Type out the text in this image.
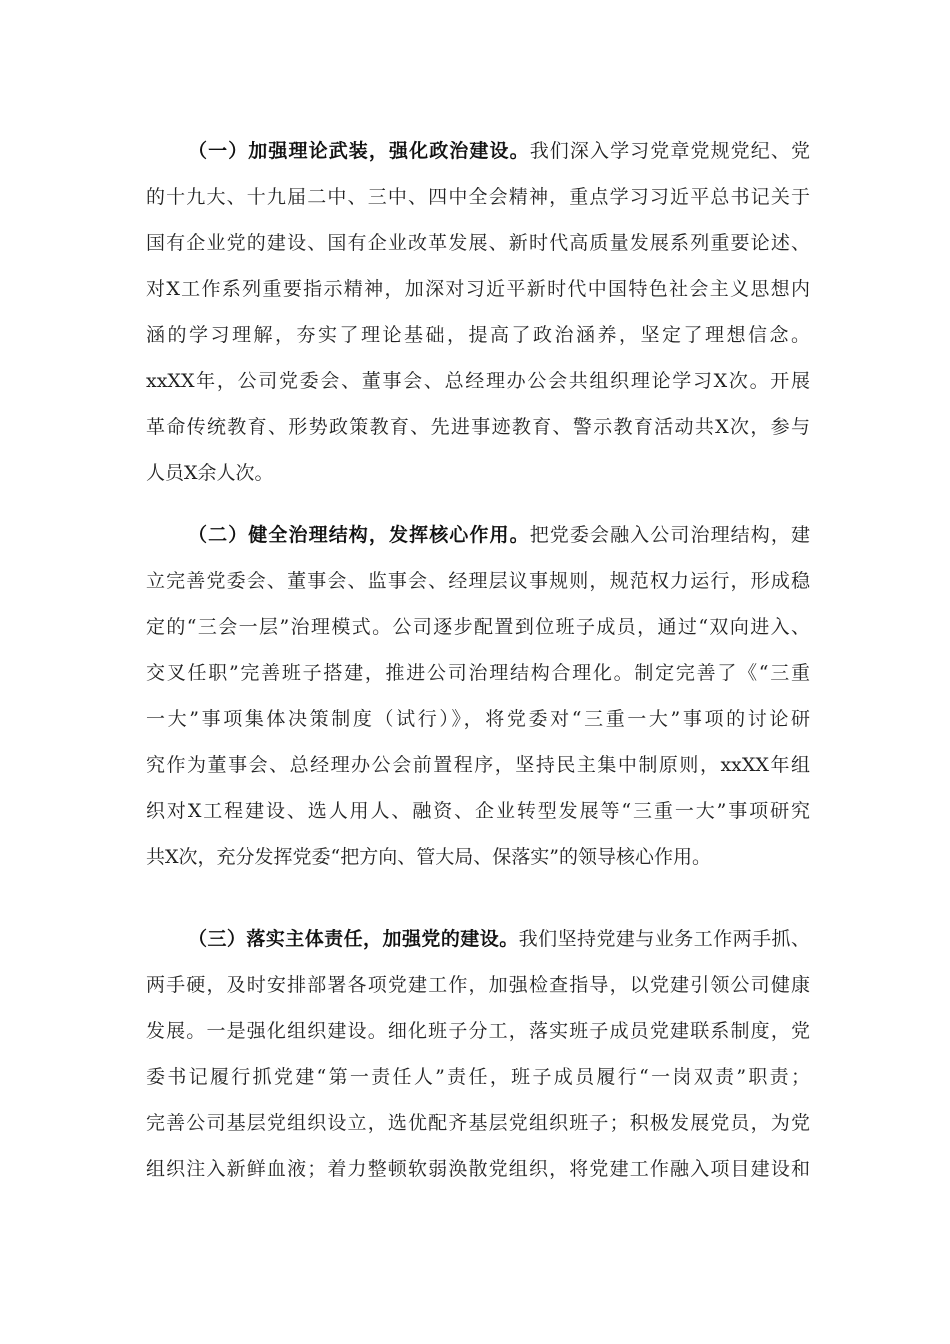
（一）加强理论武装，强化政治建设。我们深入学习党章党规党纪、党
的十九大、十九届二中、三中、四中全会精神，重点学习习近平总书记关于
国有企业党的建设、国有企业改革发展、新时代高质量发展系列重要论述、
对X工作系列重要指示精神，加深对习近平新时代中国特色社会主义思想内
涵的学习理解，夯实了理论基础，提高了政治涵养，坚定了理想信念。
xxXX年，公司党委会、董事会、总经理办公会共组织理论学习X次。开展
革命传统教育、形势政策教育、先进事迹教育、警示教育活动共X次，参与
人员X余人次。
（二）健全治理结构，发挥核心作用。把党委会融入公司治理结构，建
立完善党委会、董事会、监事会、经理层议事规则，规范权力运行，形成稳
定的“三会一层”治理模式。公司逐步配置到位班子成员，通过“双向进入、
交叉任职”完善班子搭建，推进公司治理结构合理化。制定完善了《“三重
一大”事项集体决策制度（试行）》，将党委对“三重一大”事项的讨论研
究作为董事会、总经理办公会前置程序，坚持民主集中制原则，xxXX年组
织对X工程建设、选人用人、融资、企业转型发展等“三重一大”事项研究
共X次，充分发挥党委“把方向、管大局、保落实”的领导核心作用。
（三）落实主体责任，加强党的建设。我们坚持党建与业务工作两手抓、
两手硬，及时安排部署各项党建工作，加强检查指导，以党建引领公司健康
发展。一是强化组织建设。细化班子分工，落实班子成员党建联系制度，党
委书记履行抓党建“第一责任人”责任，班子成员履行“一岗双责”职责；
完善公司基层党组织设立，选优配齐基层党组织班子；积极发展党员，为党
组织注入新鲜血液；着力整顿软弱涣散党组织，将党建工作融入项目建设和
